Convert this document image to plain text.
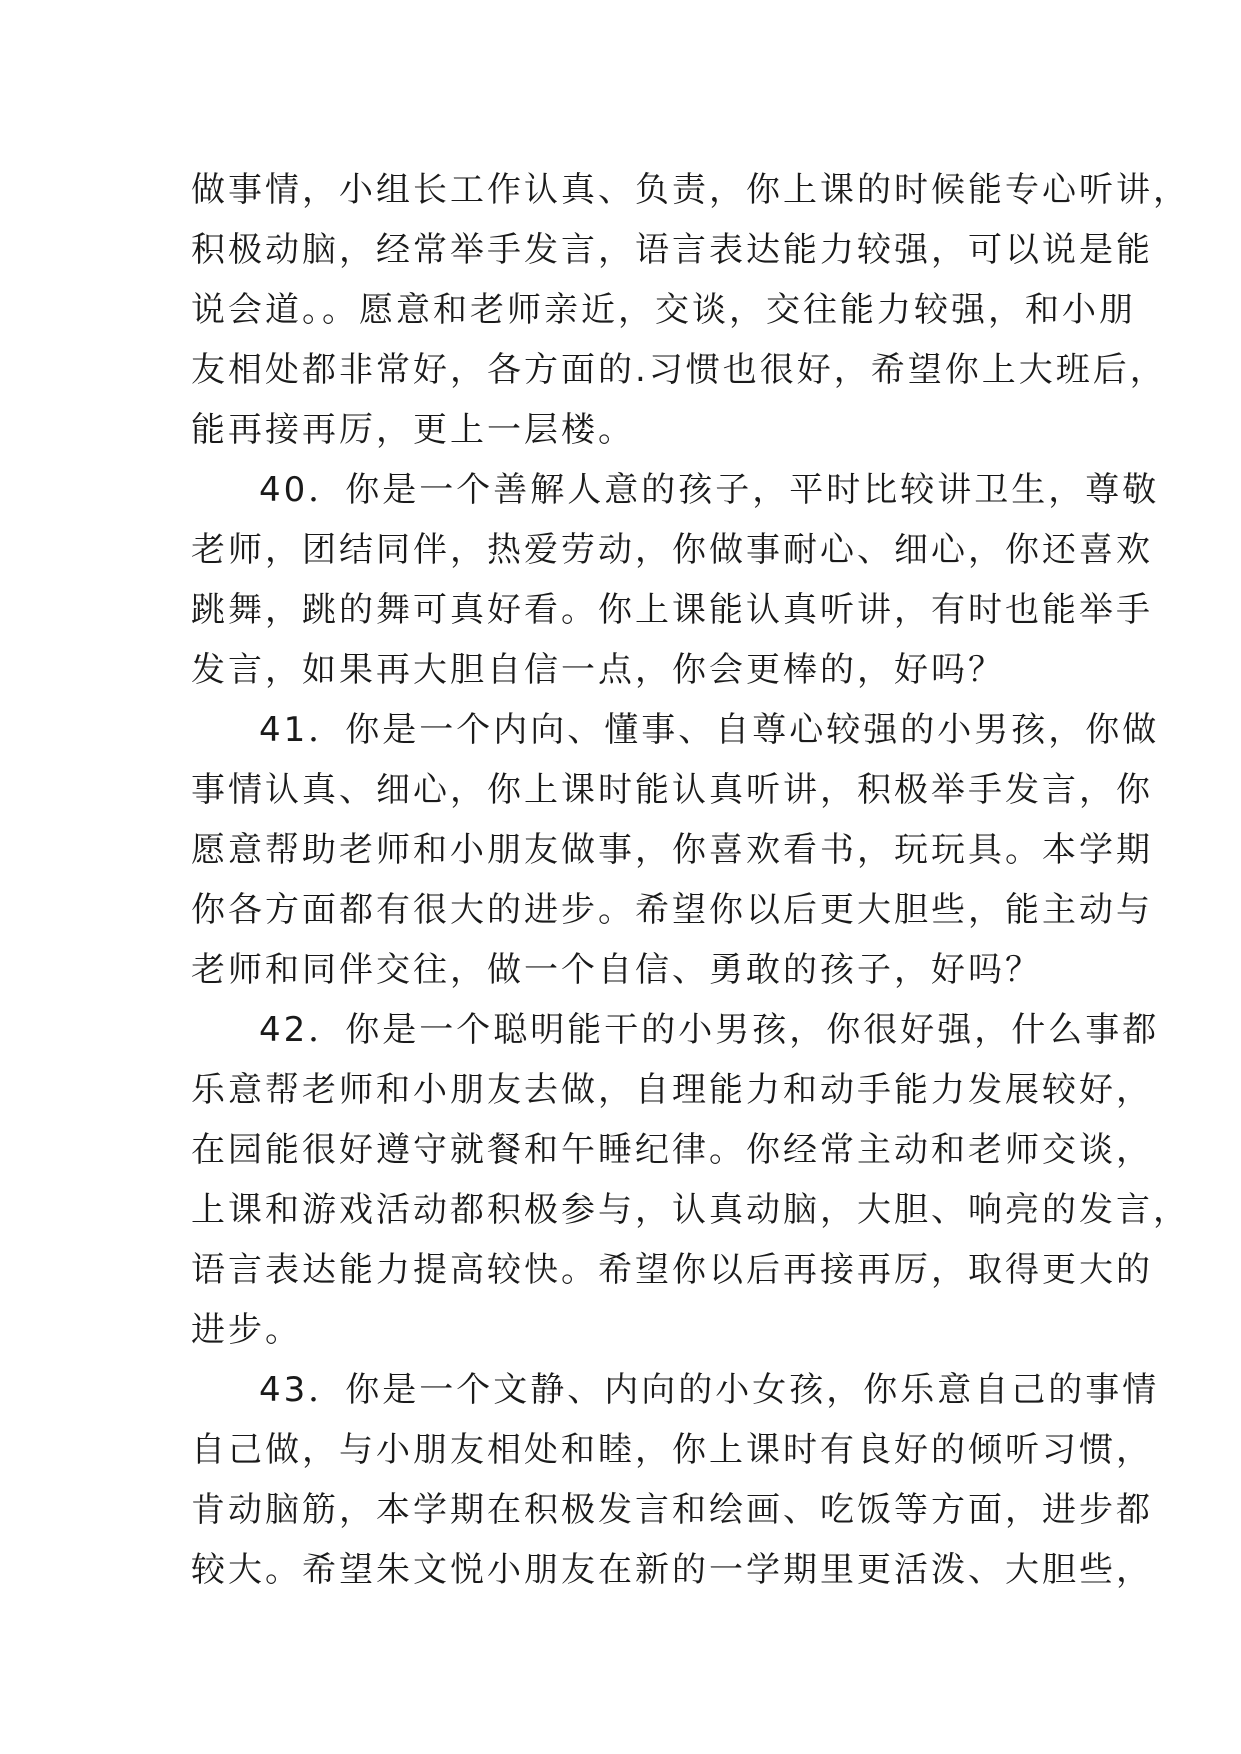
做事情，小组长工作认真、负责，你上课的时候能专心听讲，
积极动脑，经常举手发言，语言表达能力较强，可以说是能
说会道。。愿意和老师亲近，交谈，交往能力较强，和小朋
友相处都非常好，各方面的.习惯也很好，希望你上大班后，
能再接再厉，更上一层楼。
40．你是一个善解人意的孩子，平时比较讲卫生，尊敬
老师，团结同伴，热爱劳动，你做事耐心、细心，你还喜欢
跳舞，跳的舞可真好看。你上课能认真听讲，有时也能举手
发言，如果再大胆自信一点，你会更棒的，好吗？
41．你是一个内向、懂事、自尊心较强的小男孩，你做
事情认真、细心，你上课时能认真听讲，积极举手发言，你
愿意帮助老师和小朋友做事，你喜欢看书，玩玩具。本学期
你各方面都有很大的进步。希望你以后更大胆些，能主动与
老师和同伴交往，做一个自信、勇敢的孩子，好吗？
42．你是一个聪明能干的小男孩，你很好强，什么事都
乐意帮老师和小朋友去做，自理能力和动手能力发展较好，
在园能很好遵守就餐和午睡纪律。你经常主动和老师交谈，
上课和游戏活动都积极参与，认真动脑，大胆、响亮的发言，
语言表达能力提高较快。希望你以后再接再厉，取得更大的
进步。
43．你是一个文静、内向的小女孩，你乐意自己的事情
自己做，与小朋友相处和睦，你上课时有良好的倾听习惯，
肯动脑筋，本学期在积极发言和绘画、吃饭等方面，进步都
较大。希望朱文悦小朋友在新的一学期里更活泼、大胆些，
